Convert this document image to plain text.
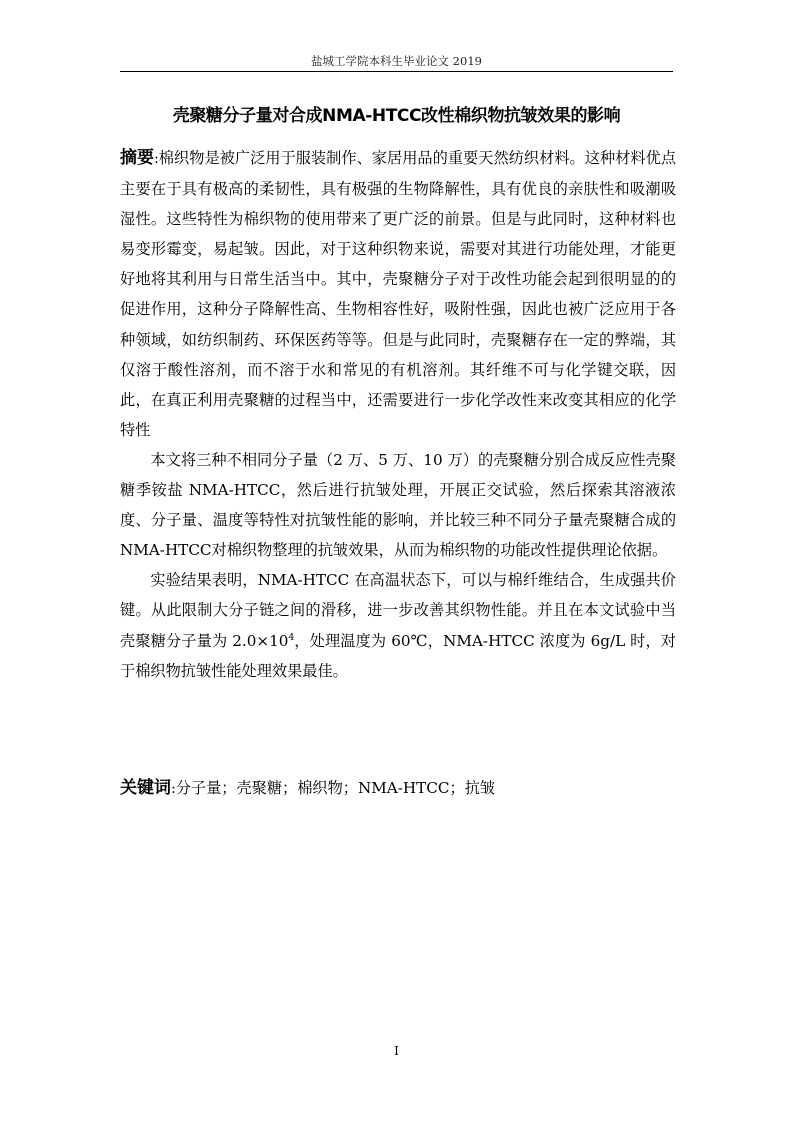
盐城工学院本科生毕业论文 2019
壳聚糖分子量对合成NMA-HTCC改性棉织物抗皱效果的影响

摘要:棉织物是被广泛用于服装制作、家居用品的重要天然纺织材料。这种材料优点主要在于具有极高的柔韧性，具有极强的生物降解性，具有优良的亲肤性和吸潮吸湿性。这些特性为棉织物的使用带来了更广泛的前景。但是与此同时，这种材料也易变形霉变，易起皱。因此，对于这种织物来说，需要对其进行功能处理，才能更好地将其利用与日常生活当中。其中，壳聚糖分子对于改性功能会起到很明显的的促进作用，这种分子降解性高、生物相容性好，吸附性强，因此也被广泛应用于各种领域，如纺织制药、环保医药等等。但是与此同时，壳聚糖存在一定的弊端，其仅溶于酸性溶剂，而不溶于水和常见的有机溶剂。其纤维不可与化学键交联，因此，在真正利用壳聚糖的过程当中，还需要进行一步化学改性来改变其相应的化学特性

本文将三种不相同分子量（2 万、5 万、10 万）的壳聚糖分别合成反应性壳聚糖季铵盐 NMA-HTCC，然后进行抗皱处理，开展正交试验，然后探索其溶液浓度、分子量、温度等特性对抗皱性能的影响，并比较三种不同分子量壳聚糖合成的NMA-HTCC对棉织物整理的抗皱效果，从而为棉织物的功能改性提供理论依据。

实验结果表明，NMA-HTCC 在高温状态下，可以与棉纤维结合，生成强共价键。从此限制大分子链之间的滑移，进一步改善其织物性能。并且在本文试验中当壳聚糖分子量为 $2.0\times 10^4$，处理温度为 60℃，NMA-HTCC 浓度为 6g/L 时，对于棉织物抗皱性能处理效果最佳。

关键词:分子量；壳聚糖；棉织物；NMA-HTCC；抗皱
I
